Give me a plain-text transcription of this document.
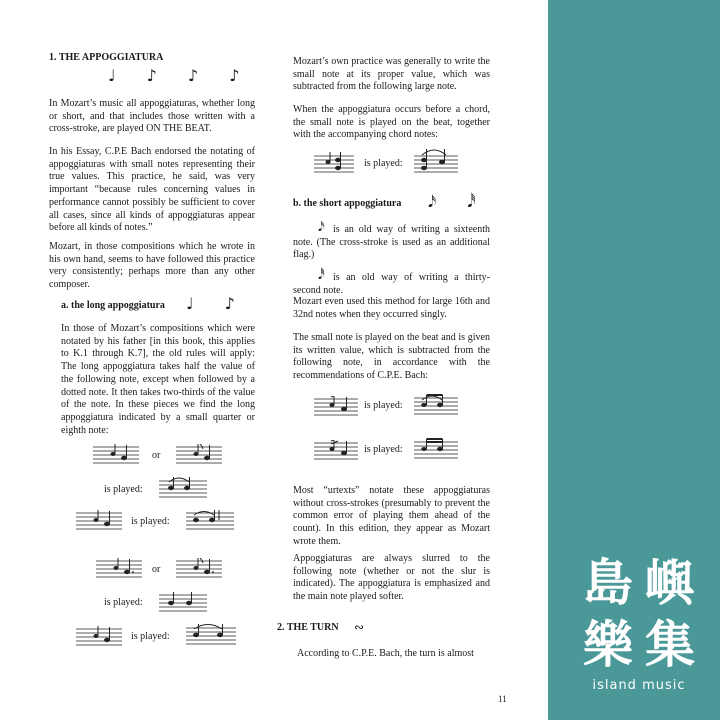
1. THE APPOGGIATURA

♩ ♪ ♪ ♪

In Mozart’s music all appoggiaturas, whether long or short, and that includes those written with a cross-stroke, are played ON THE BEAT.

In his Essay, C.P.E Bach endorsed the notating of appoggiaturas with small notes representing their true values. This practice, he said, was very important “because rules concerning values in performance cannot possibly be sufficient to cover all cases, since all kinds of appoggiaturas appear before all kinds of notes.”

Mozart, in those compositions which he wrote in his own hand, seems to have followed this practice very consistently; perhaps more than any other composer.

a. the long appoggiatura ♩ ♪

In those of Mozart’s compositions which were notated by his father [in this book, this applies to K.1 through K.7], the old rules will apply: The long appoggiatura takes half the value of the following note, except when followed by a dotted note. It then takes two-thirds of the value of the note. In these pieces we find the long appoggiatura indicated by a small quarter or eighth note:

or
is played:
is played:
or
is played:
is played:

Mozart’s own practice was generally to write the small note at its proper value, which was subtracted from the following large note.

When the appoggiatura occurs before a chord, the small note is played on the beat, together with the accompanying chord notes:

is played:

b. the short appoggiatura 𝅘𝅥𝅯 𝅘𝅥𝅰
𝅘𝅥𝅯 is an old way of writing a sixteenth note. (The cross-stroke is used as an additional flag.)

𝅘𝅥𝅰 is an old way of writing a thirty-second note.

Mozart even used this method for large 16th and 32nd notes when they occurred singly.

The small note is played on the beat and is given its written value, which is subtracted from the following note, in accordance with the recommendations of C.P.E. Bach:

is played:
is played:

Most “urtexts” notate these appoggiaturas without cross-strokes (presumably to prevent the common error of playing them ahead of the count). In this edition, they appear as Mozart wrote them.

Appoggiaturas are always slurred to the following note (whether or not the slur is indicated). The appoggiatura is emphasized and the main note played softer.

2. THE TURN ∾

According to C.P.E. Bach, the turn is almost

11
島 嶼
樂 集
island music
